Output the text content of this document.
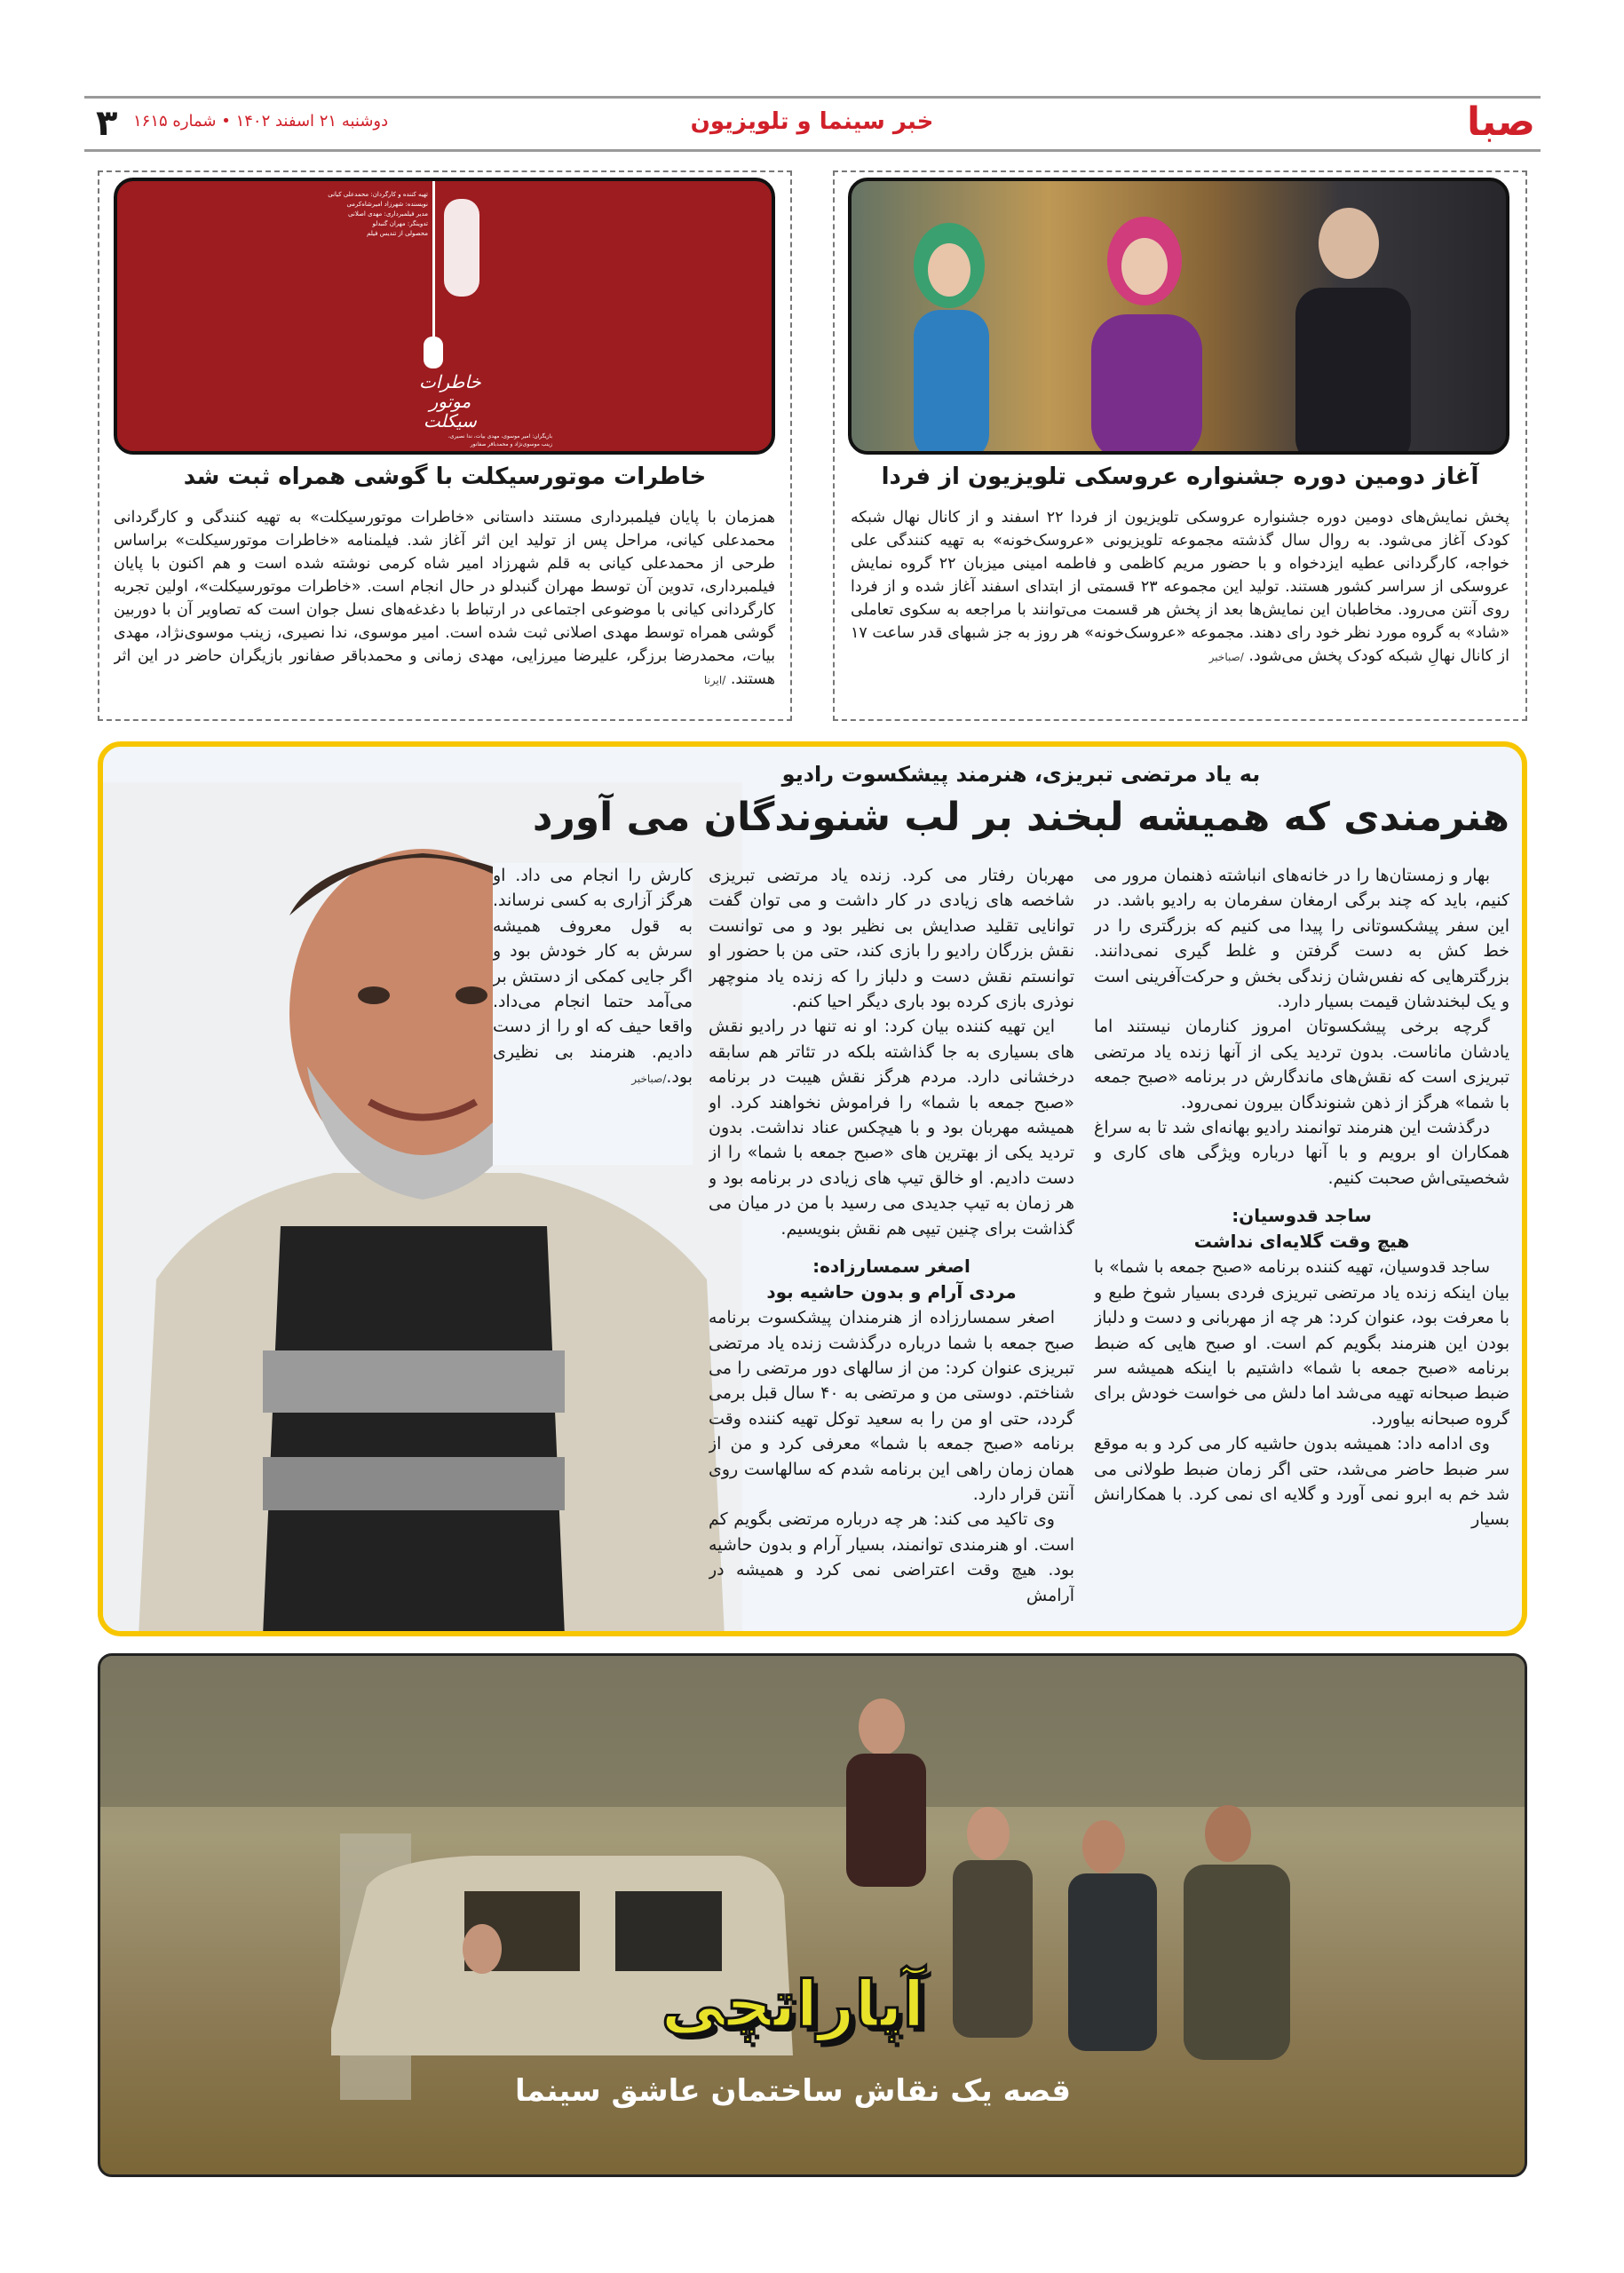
صبا
خبر سینما و تلویزیون
۳ دوشنبه ۲۱ اسفند ۱۴۰۲ • شماره ۱۶۱۵
آغاز دومین دوره جشنواره عروسکی تلویزیون از فردا
پخش نمایش‌های دومین دوره جشنواره عروسکی تلویزیون از فردا ۲۲ اسفند و از کانال نهال شبکه کودک آغاز می‌شود. به روال سال گذشته مجموعه تلویزیونی «عروسک‌خونه» به تهیه کنندگی علی خواجه، کارگردانی عطیه ایزدخواه و با حضور مریم کاظمی و فاطمه امینی میزبان ۲۲ گروه نمایش عروسکی از سراسر کشور هستند. تولید این مجموعه ۲۳ قسمتی از ابتدای اسفند آغاز شده و از فردا روی آنتن می‌رود. مخاطبان این نمایش‌ها بعد از پخش هر قسمت می‌توانند با مراجعه به سکوی تعاملی «شاد» به گروه مورد نظر خود رای دهند. مجموعه «عروسک‌خونه» هر روز به جز شبهای قدر ساعت ۱۷ از کانال نهالِ شبکه کودک پخش می‌شود. /صباخبر
خاطرات
موتور
سیکلت
تهیه کننده و کارگردان: محمدعلی کیانی
نویسنده: شهرزاد امیرشاه‌کرمی
مدیر فیلمبرداری: مهدی اصلانی
تدوینگر: مهران گنبدلو
محصولی از تندیس فیلم
بازیگران: امیر موسوی، مهدی بیات، ندا نصیری، زینب موسوی‌نژاد و محمدباقر صفانور
خاطرات موتورسیکلت با گوشی همراه ثبت شد
همزمان با پایان فیلمبرداری مستند داستانی «خاطرات موتورسیکلت» به تهیه کنندگی و کارگردانی محمدعلی کیانی، مراحل پس از تولید این اثر آغاز شد. فیلمنامه «خاطرات موتورسیکلت» براساس طرحی از محمدعلی کیانی به قلم شهرزاد امیر شاه کرمی نوشته شده است و هم اکنون با پایان فیلمبرداری، تدوین آن توسط مهران گنبدلو در حال انجام است. «خاطرات موتورسیکلت»، اولین تجربه کارگردانی کیانی با موضوعی اجتماعی در ارتباط با دغدغه‌های نسل جوان است که تصاویر آن با دوربین گوشی همراه توسط مهدی اصلانی ثبت شده است. امیر موسوی، ندا نصیری، زینب موسوی‌نژاد، مهدی بیات، محمدرضا برزگر، علیرضا میرزایی، مهدی زمانی و محمدباقر صفانور بازیگران حاضر در این اثر هستند. /ایرنا
به یاد مرتضی تبریزی، هنرمند پیشکسوت رادیو
هنرمندی که همیشه لبخند بر لب شنوندگان می آورد

بهار و زمستان‌ها را در خانه‌های انباشته ذهنمان مرور می کنیم، باید که چند برگی ارمغان سفرمان به رادیو باشد. در این سفر پیشکسوتانی را پیدا می کنیم که بزرگتری را در خط کش به دست گرفتن و غلط گیری نمی‌دانند. بزرگترهایی که نفس‌شان زندگی بخش و حرکت‌آفرینی است و یک لبخندشان قیمت بسیار دارد.

گرچه برخی پیشکسوتان امروز کنارمان نیستند اما یادشان ماناست. بدون تردید یکی از آنها زنده یاد مرتضی تبریزی است که نقش‌های ماندگارش در برنامه «صبح جمعه با شما» هرگز از ذهن شنوندگان بیرون نمی‌رود.

درگذشت این هنرمند توانمند رادیو بهانه‌ای شد تا به سراغ همکاران او برویم و با آنها درباره ویژگی های کاری و شخصیتی‌اش صحبت کنیم.

ساجد قدوسیان:

هیچ وقت گلایه‌ای نداشت

ساجد قدوسیان، تهیه کننده برنامه «صبح جمعه با شما» با بیان اینکه زنده یاد مرتضی تبریزی فردی بسیار شوخ طبع و با معرفت بود، عنوان کرد: هر چه از مهربانی و دست و دلباز بودن این هنرمند بگویم کم است. او صبح هایی که ضبط برنامه «صبح جمعه با شما» داشتیم با اینکه همیشه سر ضبط صبحانه تهیه می‌شد اما دلش می خواست خودش برای گروه صبحانه بیاورد.

وی ادامه داد: همیشه بدون حاشیه کار می کرد و به موقع سر ضبط حاضر می‌شد، حتی اگر زمان ضبط طولانی می شد خم به ابرو نمی آورد و گلایه ای نمی کرد. با همکارانش بسیار

مهربان رفتار می کرد. زنده یاد مرتضی تبریزی شاخصه های زیادی در کار داشت و می توان گفت توانایی تقلید صدایش بی نظیر بود و می توانست نقش بزرگان رادیو را بازی کند، حتی من با حضور او توانستم نقش دست و دلباز را که زنده یاد منوچهر نوذری بازی کرده بود باری دیگر احیا کنم.

این تهیه کننده بیان کرد: او نه تنها در رادیو نقش های بسیاری به جا گذاشته بلکه در تئاتر هم سابقه درخشانی دارد. مردم هرگز نقش هیبت در برنامه «صبح جمعه با شما» را فراموش نخواهند کرد. او همیشه مهربان بود و با هیچکس عناد نداشت. بدون تردید یکی از بهترین های «صبح جمعه با شما» را از دست دادیم. او خالق تیپ های زیادی در برنامه بود و هر زمان به تیپ جدیدی می رسید با من در میان می گذاشت برای چنین تیپی هم نقش بنویسیم.

اصغر سمسارزاده:

مردی آرام و بدون حاشیه بود

اصغر سمسارزاده از هنرمندان پیشکسوت برنامه صبح جمعه با شما درباره درگذشت زنده یاد مرتضی تبریزی عنوان کرد: من از سالهای دور مرتضی را می شناختم. دوستی من و مرتضی به ۴۰ سال قبل برمی گردد، حتی او من را به سعید توکل تهیه کننده وقت برنامه «صبح جمعه با شما» معرفی کرد و من از همان زمان راهی این برنامه شدم که سالهاست روی آنتن قرار دارد.

وی تاکید می کند: هر چه درباره مرتضی بگویم کم است. او هنرمندی توانمند، بسیار آرام و بدون حاشیه بود. هیچ وقت اعتراضی نمی کرد و همیشه در آرامش

کارش را انجام می داد. او هرگز آزاری به کسی نرساند. به قول معروف همیشه سرش به کار خودش بود و اگر جایی کمکی از دستش بر می‌آمد حتما انجام می‌داد. واقعا حیف که او را از دست دادیم. هنرمند بی نظیری بود./صباخبر

آپاراتچی
قصه یک نقاش ساختمان عاشق سینما
